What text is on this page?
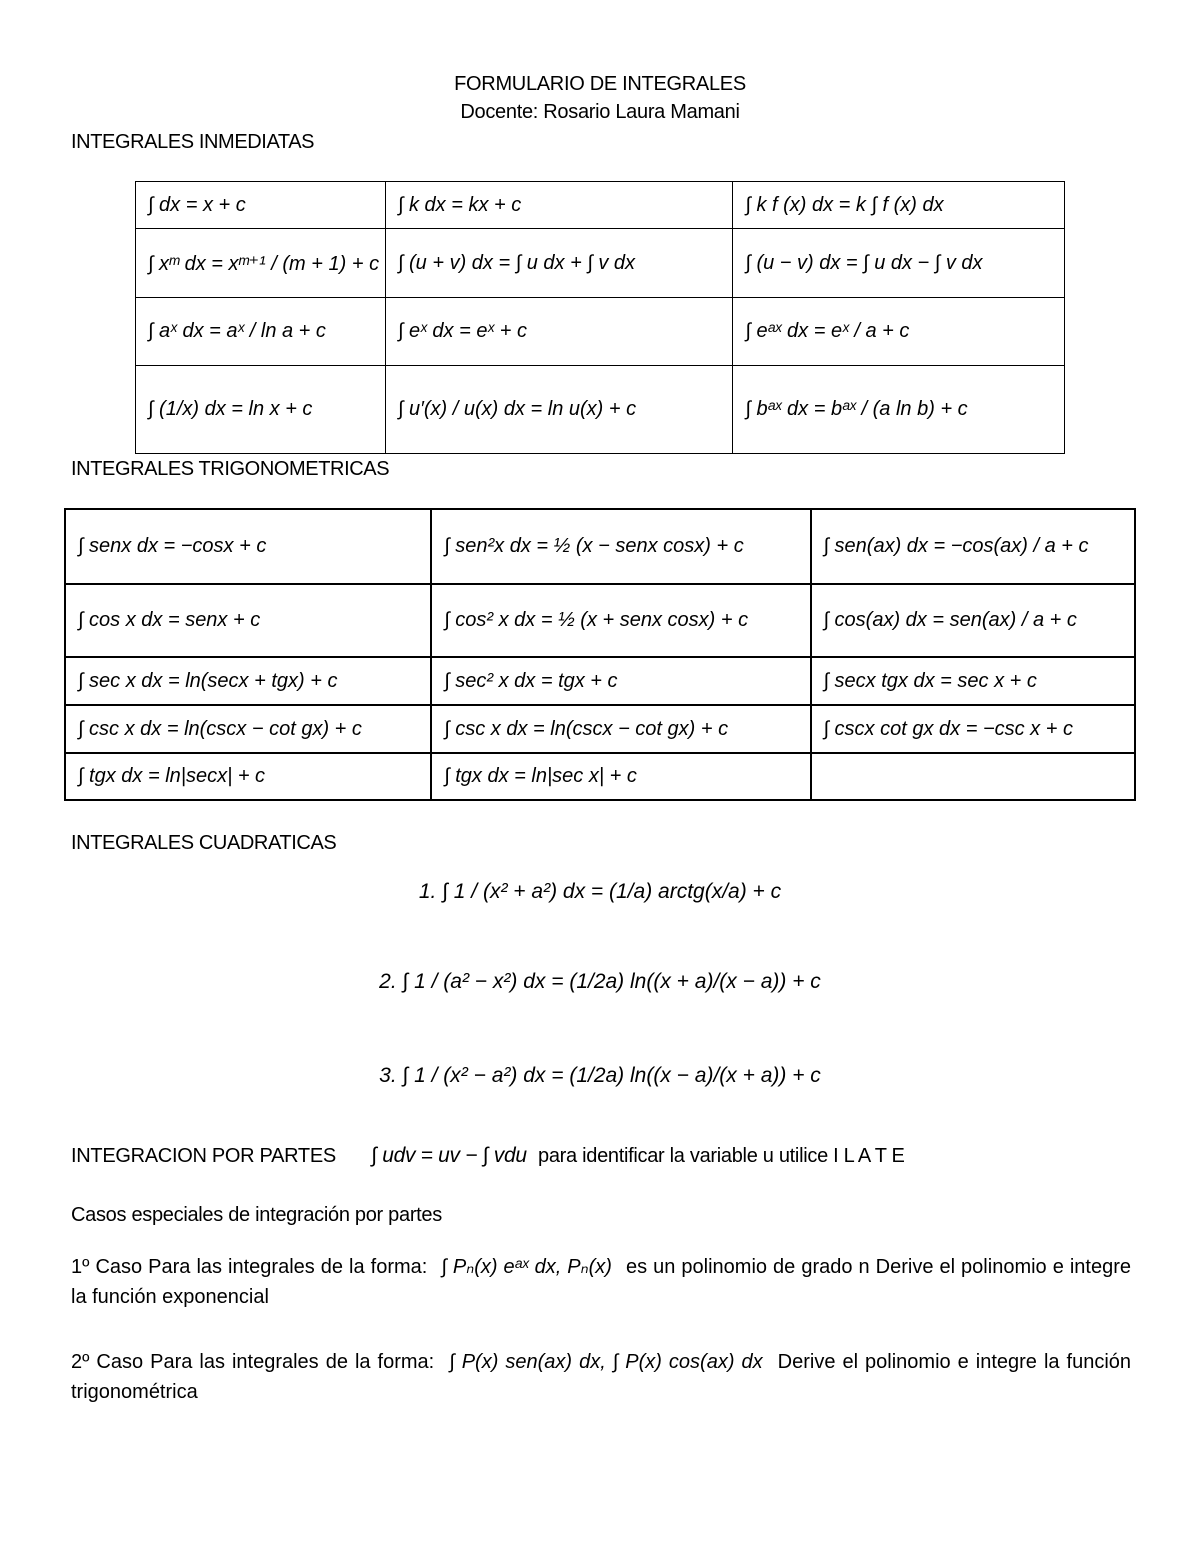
FORMULARIO DE INTEGRALES
Docente: Rosario Laura Mamani
INTEGRALES INMEDIATAS
∫ dx = x + c	∫ k dx = kx + c	∫ k f (x) dx = k ∫ f (x) dx
∫ xᵐ dx = xᵐ⁺¹ / (m + 1) + c	∫ (u + v) dx = ∫ u dx + ∫ v dx	∫ (u − v) dx = ∫ u dx − ∫ v dx
∫ aˣ dx = aˣ / ln a + c	∫ eˣ dx = eˣ + c	∫ eᵃˣ dx = eˣ / a + c
∫ (1/x) dx = ln x + c	∫ u′(x) / u(x) dx = ln u(x) + c	∫ bᵃˣ dx = bᵃˣ / (a ln b) + c
INTEGRALES TRIGONOMETRICAS
∫ senx dx = −cosx + c	∫ sen²x dx = ½ (x − senx cosx) + c	∫ sen(ax) dx = −cos(ax) / a + c
∫ cos x dx = senx + c	∫ cos² x dx = ½ (x + senx cosx) + c	∫ cos(ax) dx = sen(ax) / a + c
∫ sec x dx = ln(secx + tgx) + c	∫ sec² x dx = tgx + c	∫ secx tgx dx = sec x + c
∫ csc x dx = ln(cscx − cot gx) + c	∫ csc x dx = ln(cscx − cot gx) + c	∫ cscx cot gx dx = −csc x + c
∫ tgx dx = ln|secx| + c	∫ tgx dx = ln|sec x| + c	
INTEGRALES CUADRATICAS
1. ∫ 1 / (x² + a²) dx = (1/a) arctg(x/a) + c
2. ∫ 1 / (a² − x²) dx = (1/2a) ln((x + a)/(x − a)) + c
3. ∫ 1 / (x² − a²) dx = (1/2a) ln((x − a)/(x + a)) + c
INTEGRACION POR PARTES ∫ udv = uv − ∫ vdu para identificar la variable u utilice I L A T E
Casos especiales de integración por partes
1º Caso Para las integrales de la forma: ∫ Pₙ(x) eᵃˣ dx, Pₙ(x) es un polinomio de grado n Derive el polinomio e integre la función exponencial
2º Caso Para las integrales de la forma: ∫ P(x) sen(ax) dx, ∫ P(x) cos(ax) dx Derive el polinomio e integre la función trigonométrica
